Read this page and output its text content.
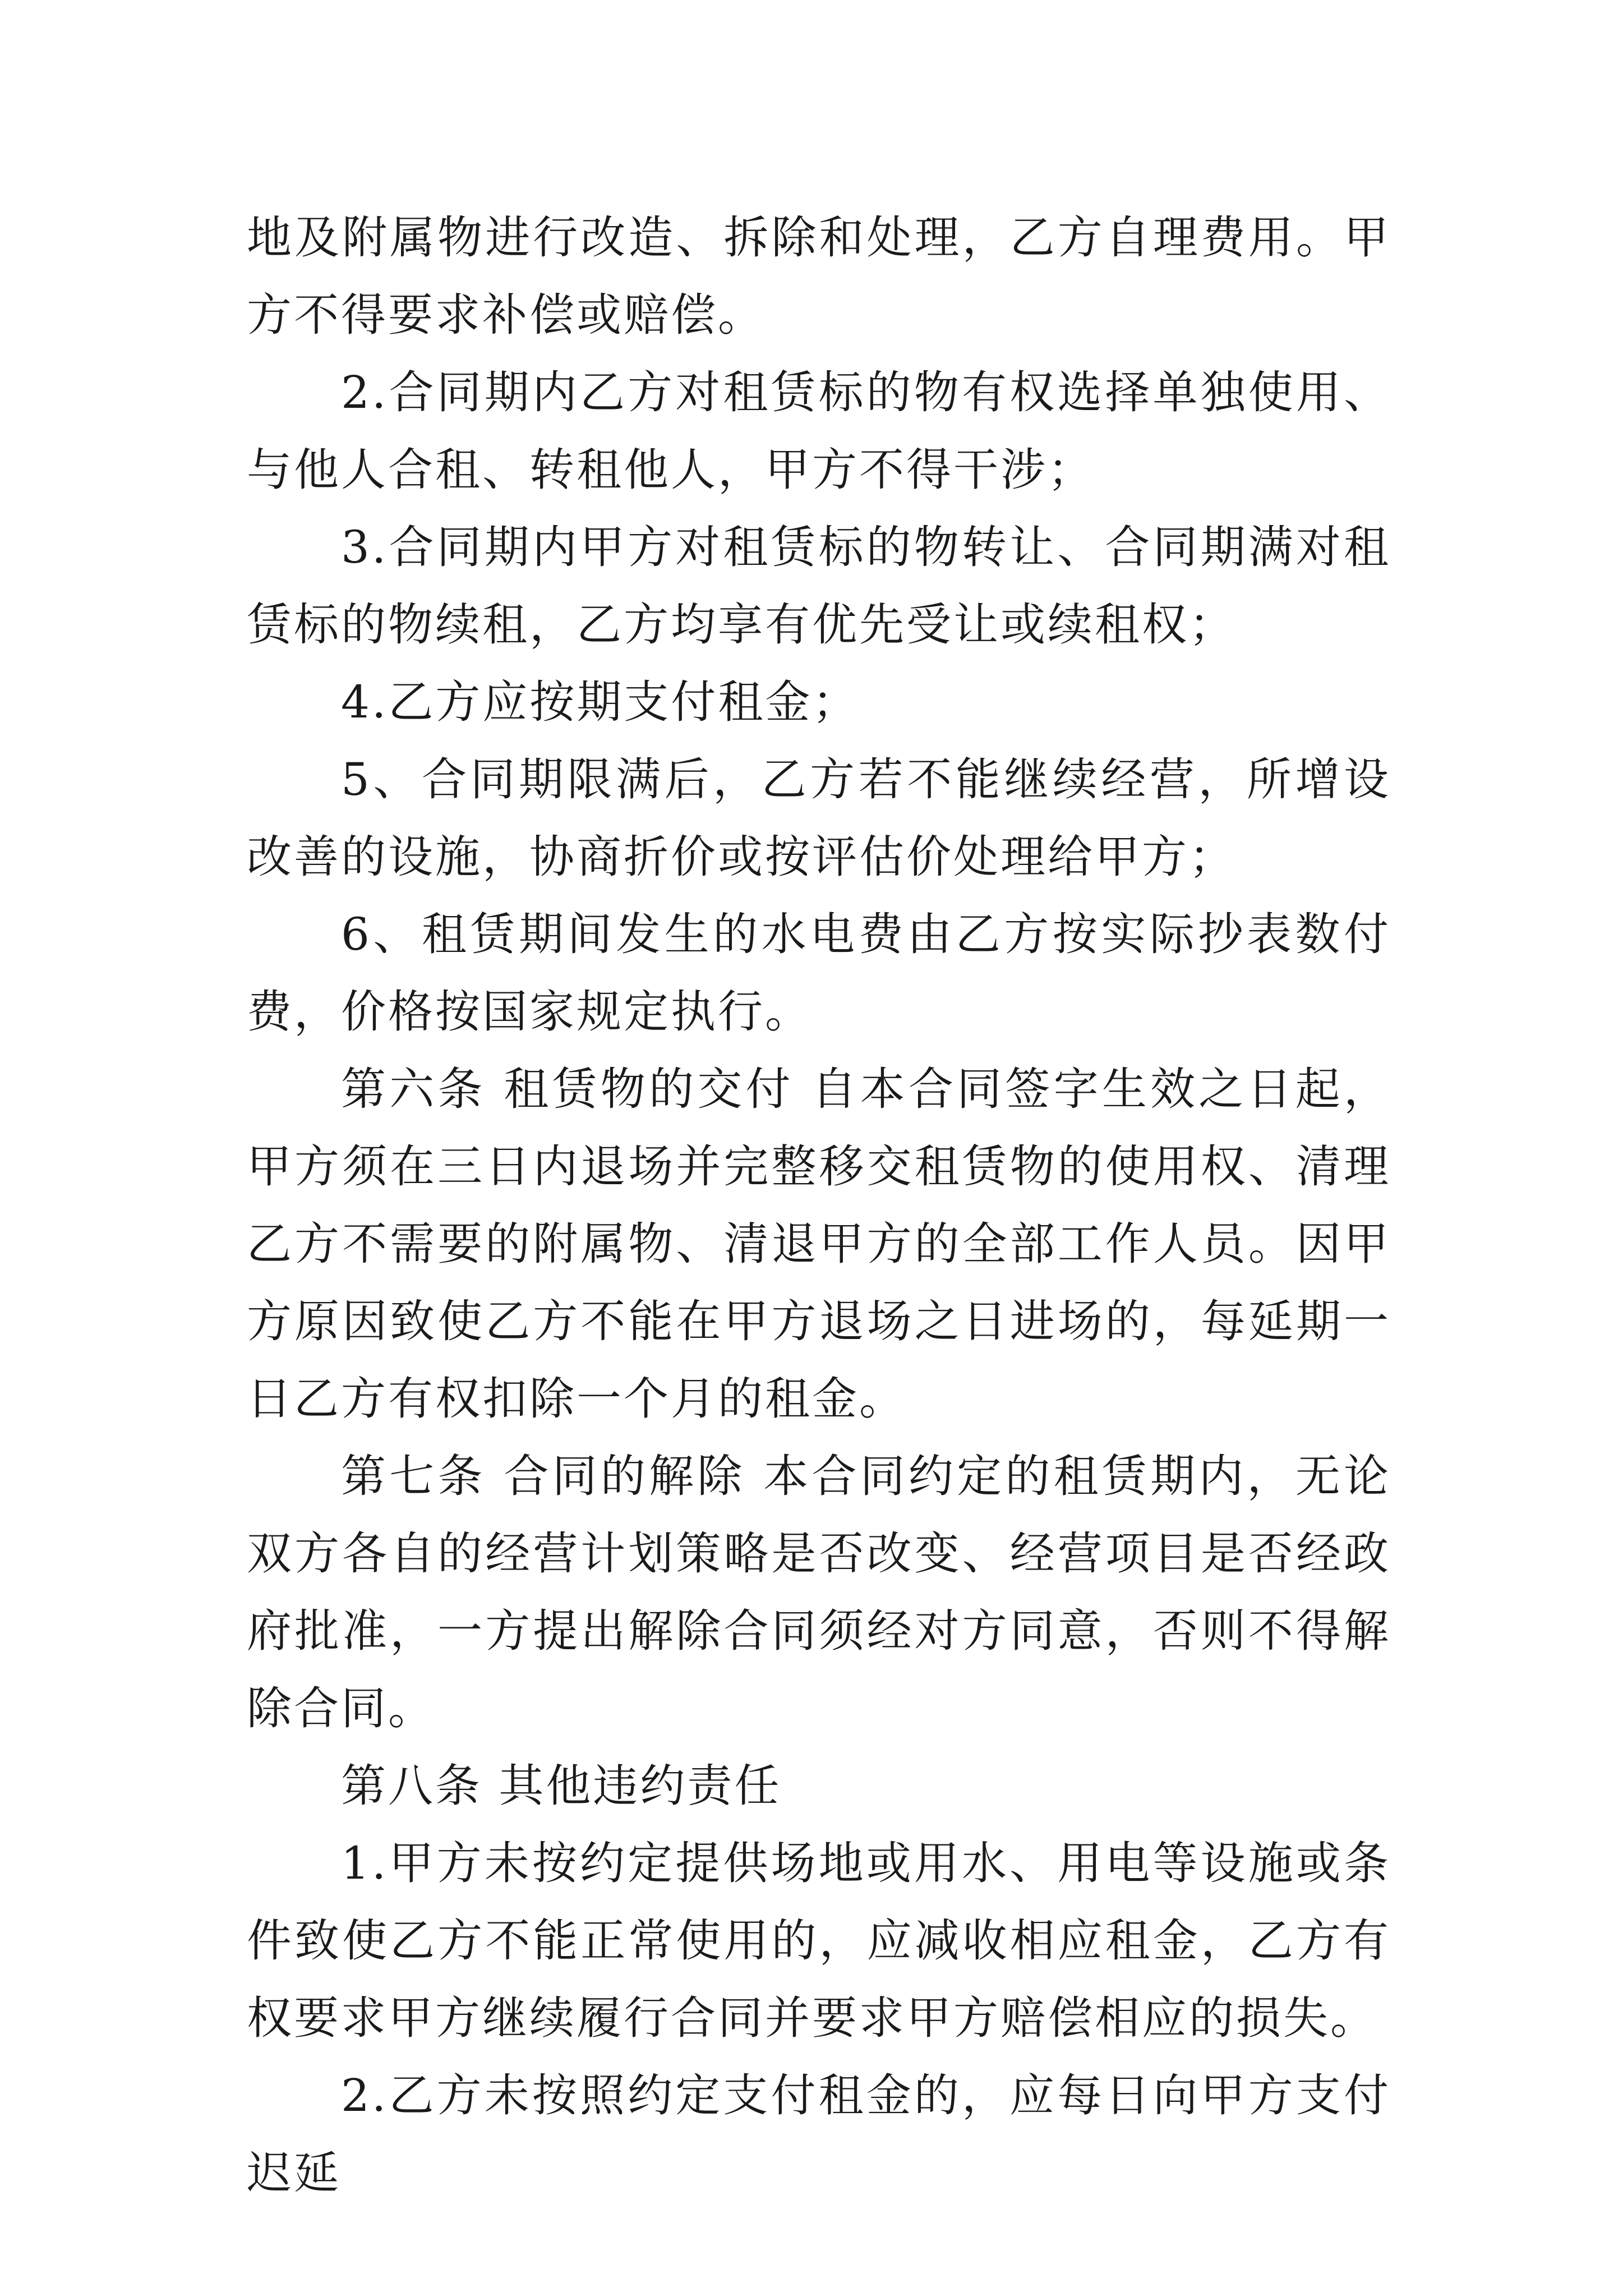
地及附属物进行改造、拆除和处理，乙方自理费用。甲方不得要求补偿或赔偿。

2.合同期内乙方对租赁标的物有权选择单独使用、与他人合租、转租他人，甲方不得干涉；

3.合同期内甲方对租赁标的物转让、合同期满对租赁标的物续租，乙方均享有优先受让或续租权；

4.乙方应按期支付租金；

5、合同期限满后，乙方若不能继续经营，所增设改善的设施，协商折价或按评估价处理给甲方；

6、租赁期间发生的水电费由乙方按实际抄表数付费，价格按国家规定执行。

第六条 租赁物的交付 自本合同签字生效之日起，甲方须在三日内退场并完整移交租赁物的使用权、清理乙方不需要的附属物、清退甲方的全部工作人员。因甲方原因致使乙方不能在甲方退场之日进场的，每延期一日乙方有权扣除一个月的租金。

第七条 合同的解除 本合同约定的租赁期内，无论双方各自的经营计划策略是否改变、经营项目是否经政府批准，一方提出解除合同须经对方同意，否则不得解除合同。

第八条 其他违约责任

1.甲方未按约定提供场地或用水、用电等设施或条件致使乙方不能正常使用的，应减收相应租金，乙方有权要求甲方继续履行合同并要求甲方赔偿相应的损失。

2.乙方未按照约定支付租金的，应每日向甲方支付迟延
